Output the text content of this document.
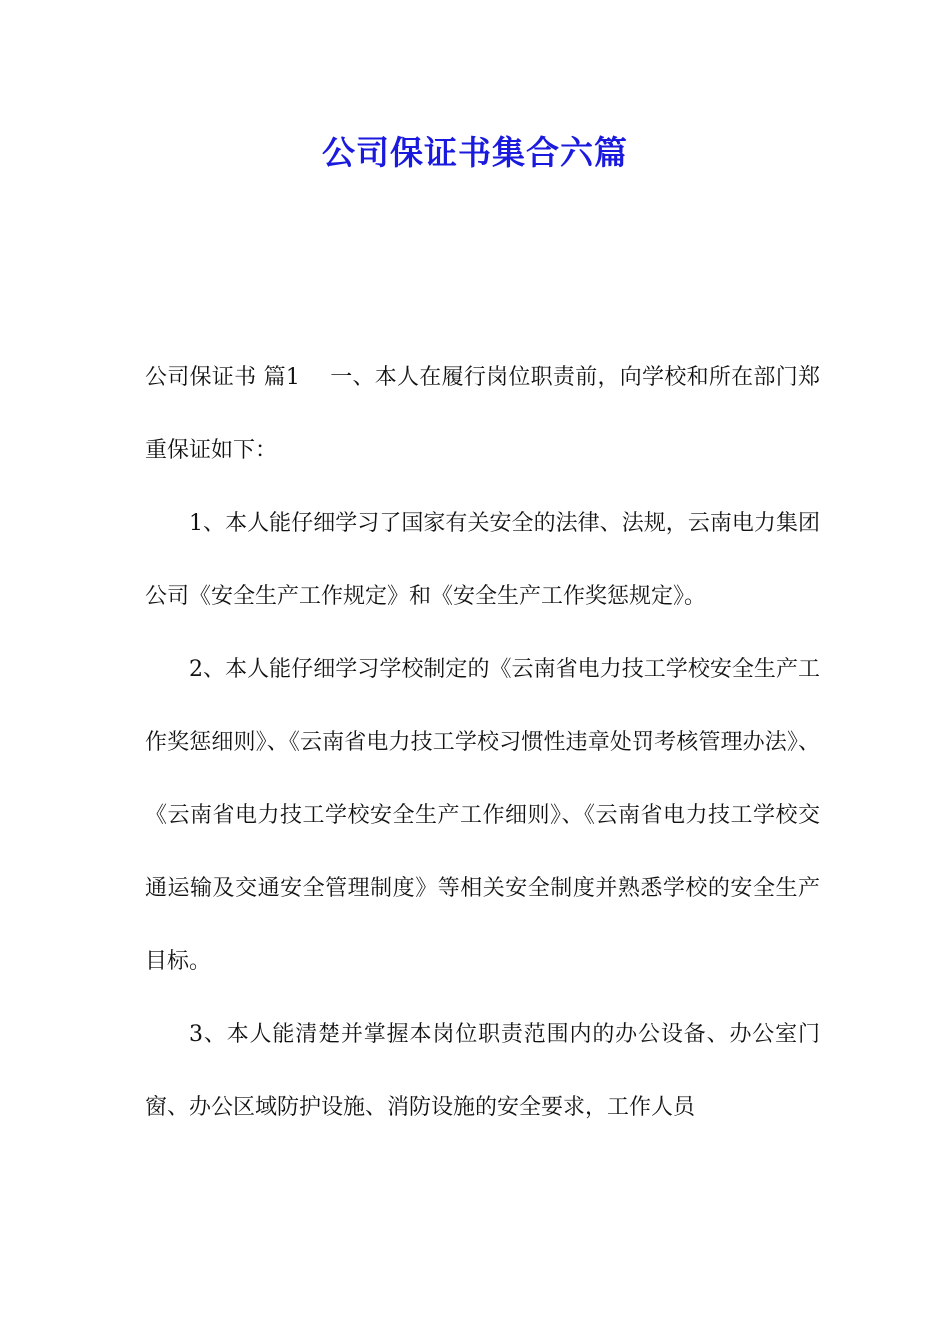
公司保证书集合六篇

公司保证书 篇1 一、本人在履行岗位职责前，向学校和所在部门郑重保证如下：

1、本人能仔细学习了国家有关安全的法律、法规，云南电力集团公司《安全生产工作规定》和《安全生产工作奖惩规定》。

2、本人能仔细学习学校制定的《云南省电力技工学校安全生产工作奖惩细则》、《云南省电力技工学校习惯性违章处罚考核管理办法》、《云南省电力技工学校安全生产工作细则》、《云南省电力技工学校交通运输及交通安全管理制度》等相关安全制度并熟悉学校的安全生产目标。

3、本人能清楚并掌握本岗位职责范围内的办公设备、办公室门窗、办公区域防护设施、消防设施的安全要求，工作人员
